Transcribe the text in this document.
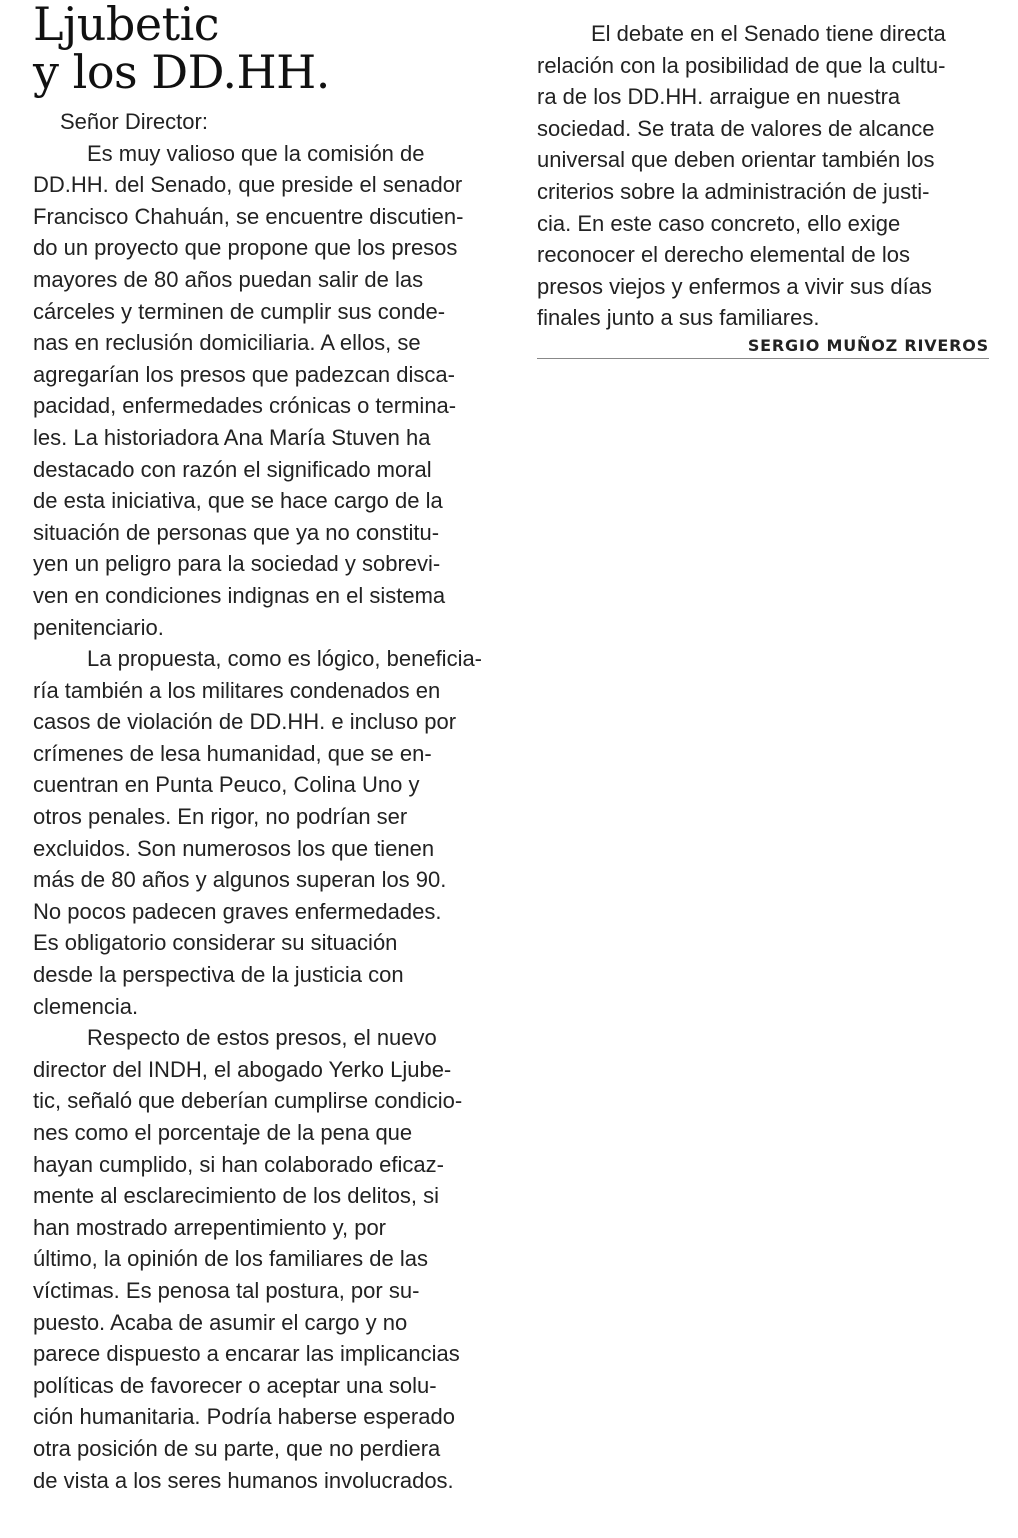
Ljubetic
y los DD.HH.

Señor Director:

Es muy valioso que la comisión de
DD.HH. del Senado, que preside el senador
Francisco Chahuán, se encuentre discutien-
do un proyecto que propone que los presos
mayores de 80 años puedan salir de las
cárceles y terminen de cumplir sus conde-
nas en reclusión domiciliaria. A ellos, se
agregarían los presos que padezcan disca-
pacidad, enfermedades crónicas o termina-
les. La historiadora Ana María Stuven ha
destacado con razón el significado moral
de esta iniciativa, que se hace cargo de la
situación de personas que ya no constitu-
yen un peligro para la sociedad y sobrevi-
ven en condiciones indignas en el sistema
penitenciario.
La propuesta, como es lógico, beneficia-
ría también a los militares condenados en
casos de violación de DD.HH. e incluso por
crímenes de lesa humanidad, que se en-
cuentran en Punta Peuco, Colina Uno y
otros penales. En rigor, no podrían ser
excluidos. Son numerosos los que tienen
más de 80 años y algunos superan los 90.
No pocos padecen graves enfermedades.
Es obligatorio considerar su situación
desde la perspectiva de la justicia con
clemencia.
Respecto de estos presos, el nuevo
director del INDH, el abogado Yerko Ljube-
tic, señaló que deberían cumplirse condicio-
nes como el porcentaje de la pena que
hayan cumplido, si han colaborado eficaz-
mente al esclarecimiento de los delitos, si
han mostrado arrepentimiento y, por
último, la opinión de los familiares de las
víctimas. Es penosa tal postura, por su-
puesto. Acaba de asumir el cargo y no
parece dispuesto a encarar las implicancias
políticas de favorecer o aceptar una solu-
ción humanitaria. Podría haberse esperado
otra posición de su parte, que no perdiera
de vista a los seres humanos involucrados.
El debate en el Senado tiene directa
relación con la posibilidad de que la cultu-
ra de los DD.HH. arraigue en nuestra
sociedad. Se trata de valores de alcance
universal que deben orientar también los
criterios sobre la administración de justi-
cia. En este caso concreto, ello exige
reconocer el derecho elemental de los
presos viejos y enfermos a vivir sus días
finales junto a sus familiares.
SERGIO MUÑOZ RIVEROS
